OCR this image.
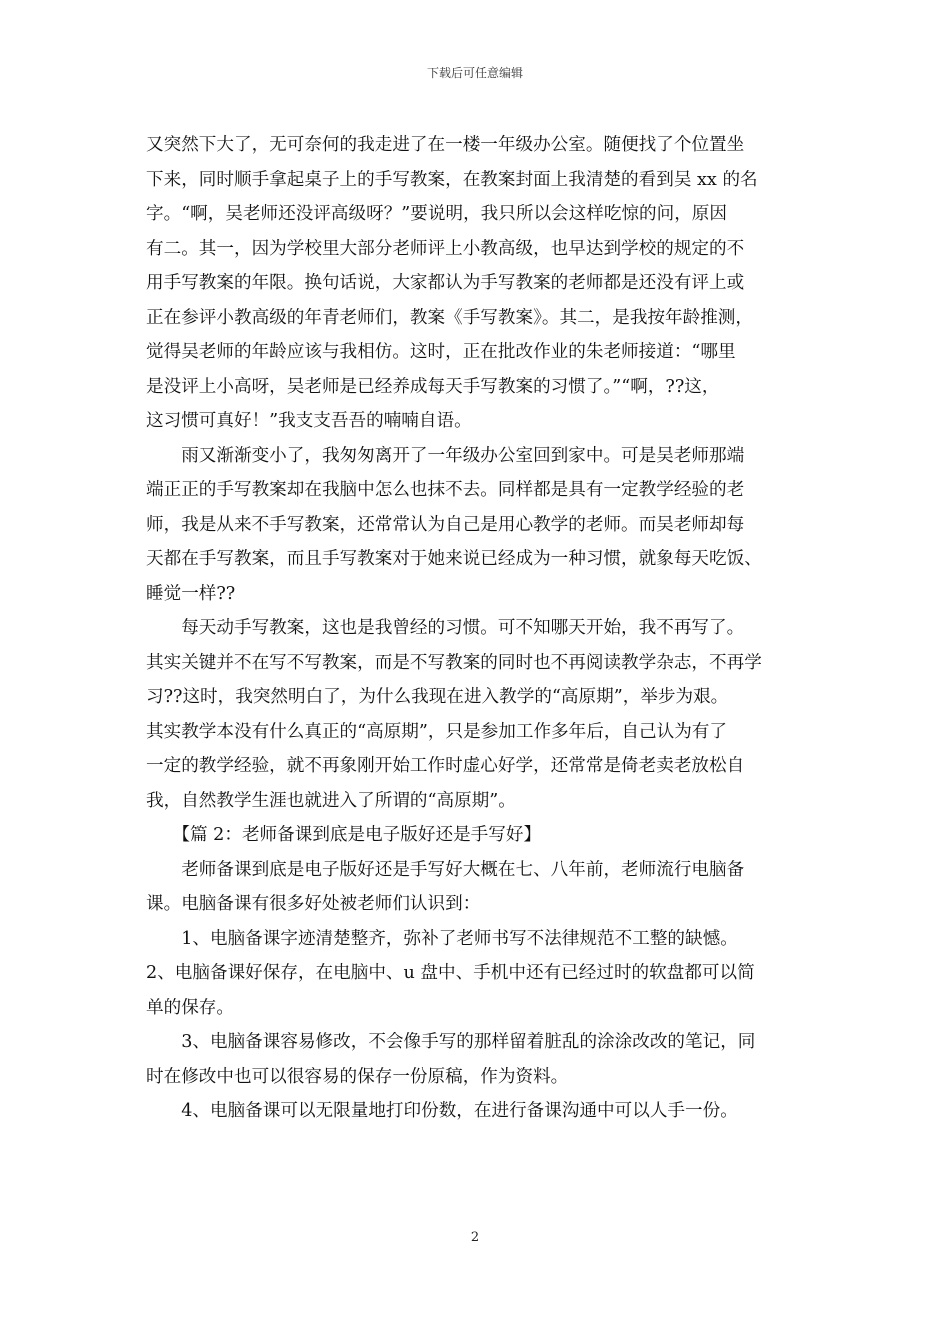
下载后可任意编辑
又突然下大了，无可奈何的我走进了在一楼一年级办公室。随便找了个位置坐
下来，同时顺手拿起桌子上的手写教案，在教案封面上我清楚的看到吴 xx 的名
字。“啊，吴老师还没评高级呀？”要说明，我只所以会这样吃惊的问，原因
有二。其一，因为学校里大部分老师评上小教高级，也早达到学校的规定的不
用手写教案的年限。换句话说，大家都认为手写教案的老师都是还没有评上或
正在参评小教高级的年青老师们，教案《手写教案》。其二，是我按年龄推测，
觉得吴老师的年龄应该与我相仿。这时，正在批改作业的朱老师接道：“哪里
是没评上小高呀，吴老师是已经养成每天手写教案的习惯了。”“啊，??这，
这习惯可真好！”我支支吾吾的喃喃自语。
　　雨又渐渐变小了，我匆匆离开了一年级办公室回到家中。可是吴老师那端
端正正的手写教案却在我脑中怎么也抹不去。同样都是具有一定教学经验的老
师，我是从来不手写教案，还常常认为自己是用心教学的老师。而吴老师却每
天都在手写教案，而且手写教案对于她来说已经成为一种习惯，就象每天吃饭、
睡觉一样??
　　每天动手写教案，这也是我曾经的习惯。可不知哪天开始，我不再写了。
其实关键并不在写不写教案，而是不写教案的同时也不再阅读教学杂志，不再学
习??这时，我突然明白了，为什么我现在进入教学的“高原期”，举步为艰。
其实教学本没有什么真正的“高原期”，只是参加工作多年后，自己认为有了
一定的教学经验，就不再象刚开始工作时虚心好学，还常常是倚老卖老放松自
我，自然教学生涯也就进入了所谓的“高原期”。
　　【篇 2：老师备课到底是电子版好还是手写好】
　　老师备课到底是电子版好还是手写好大概在七、八年前，老师流行电脑备
课。电脑备课有很多好处被老师们认识到：
　　1、电脑备课字迹清楚整齐，弥补了老师书写不法律规范不工整的缺憾。
2、电脑备课好保存，在电脑中、u 盘中、手机中还有已经过时的软盘都可以简
单的保存。
　　3、电脑备课容易修改，不会像手写的那样留着脏乱的涂涂改改的笔记，同
时在修改中也可以很容易的保存一份原稿，作为资料。
　　4、电脑备课可以无限量地打印份数，在进行备课沟通中可以人手一份。
2
